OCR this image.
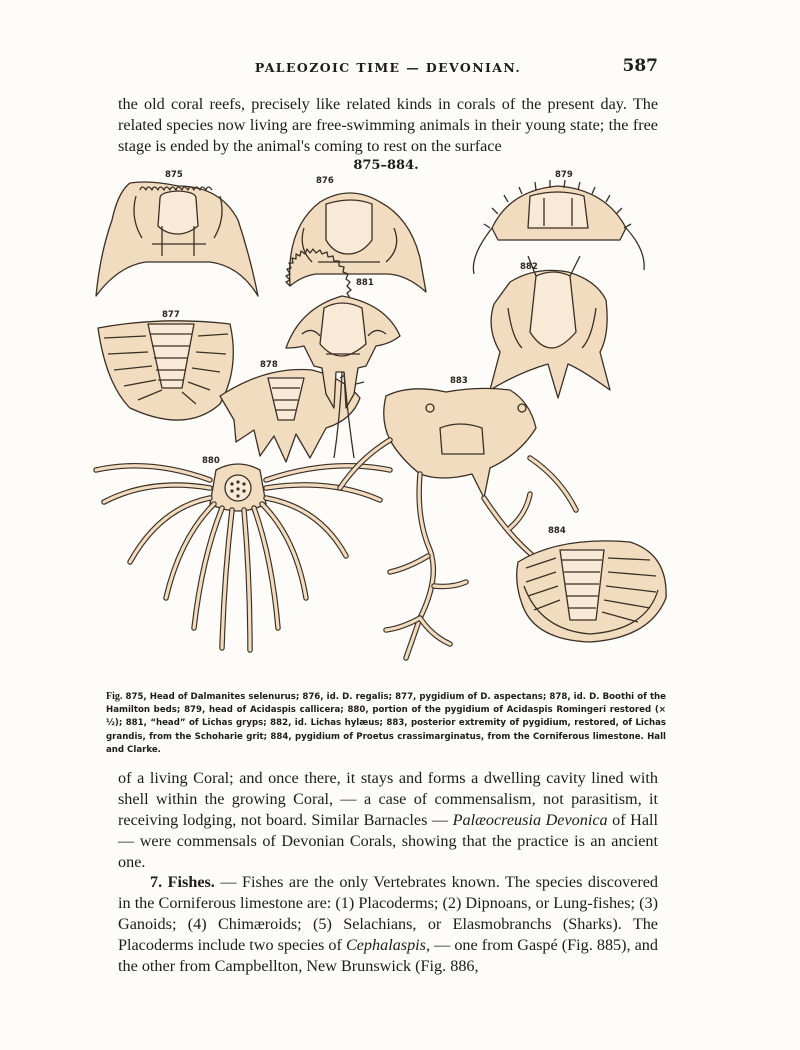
PALEOZOIC TIME — DEVONIAN.	587

the old coral reefs, precisely like related kinds in corals of the present day. The related species now living are free-swimming animals in their young state; the free stage is ended by the animal's coming to rest on the surface

875–884.
875
876
877
878
879
880
881
882
883
884

Fig. 875, Head of Dalmanites selenurus; 876, id. D. regalis; 877, pygidium of D. aspectans; 878, id. D. Boothi of the Hamilton beds; 879, head of Acidaspis callicera; 880, portion of the pygidium of Acidaspis Romingeri restored (× ½); 881, “head” of Lichas gryps; 882, id. Lichas hylæus; 883, posterior extremity of pygidium, restored, of Lichas grandis, from the Schoharie grit; 884, pygidium of Proetus crassimarginatus, from the Corniferous limestone. Hall and Clarke.

of a living Coral; and once there, it stays and forms a dwelling cavity lined with shell within the growing Coral, — a case of commensalism, not parasitism, it receiving lodging, not board. Similar Barnacles — Palæocreusia Devonica of Hall — were commensals of Devonian Corals, showing that the practice is an ancient one.

7. Fishes. — Fishes are the only Vertebrates known. The species discovered in the Corniferous limestone are: (1) Placoderms; (2) Dipnoans, or Lung-fishes; (3) Ganoids; (4) Chimæroids; (5) Selachians, or Elasmobranchs (Sharks). The Placoderms include two species of Cephalaspis, — one from Gaspé (Fig. 885), and the other from Campbellton, New Brunswick (Fig. 886,
